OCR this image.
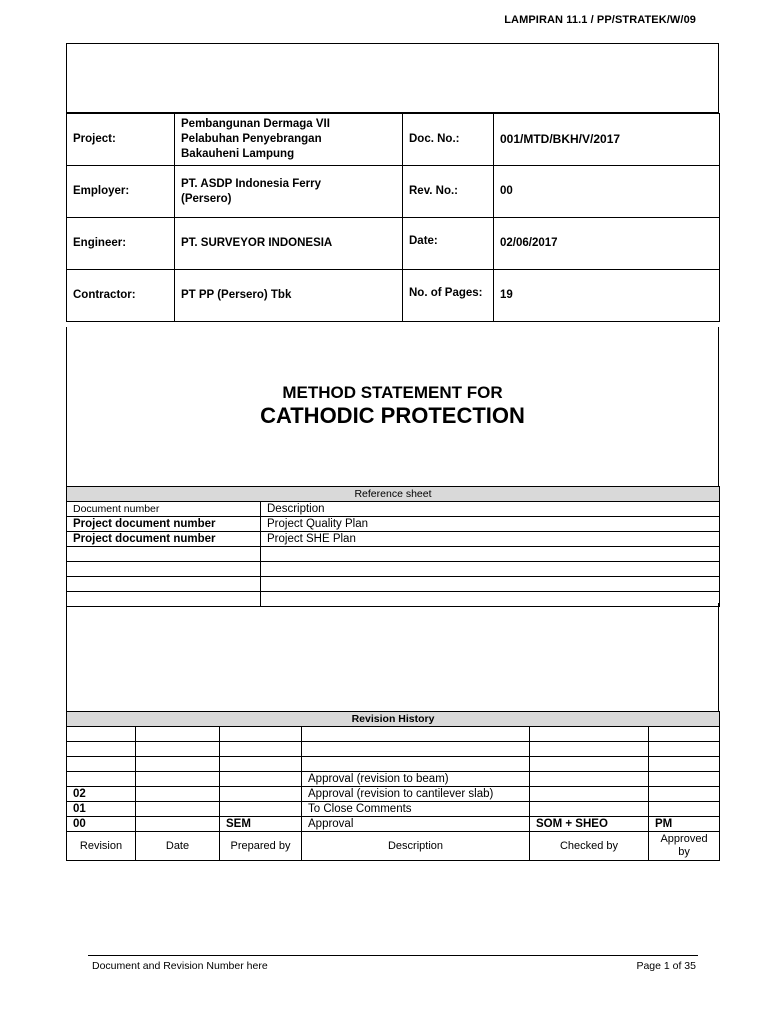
LAMPIRAN 11.1 / PP/STRATEK/W/09
Project:	Pembangunan Dermaga VII
Pelabuhan Penyebrangan
Bakauheni Lampung	Doc. No.:	001/MTD/BKH/V/2017
Employer:	PT. ASDP Indonesia Ferry
(Persero)	Rev. No.:	00
Engineer:	PT. SURVEYOR INDONESIA	Date:	02/06/2017
Contractor:	PT PP (Persero) Tbk	No. of Pages:	19
METHOD STATEMENT FOR
CATHODIC PROTECTION
Reference sheet	
Document number	Description
Project document number	Project Quality Plan
Project document number	Project SHE Plan

Revision History					

			Approval (revision to beam)		
02			Approval (revision to cantilever slab)		
01			To Close Comments		
00		SEM	Approval	SOM + SHEO	PM
Revision	Date	Prepared by	Description	Checked by	Approved
by
Document and Revision Number here	Page 1 of 35
